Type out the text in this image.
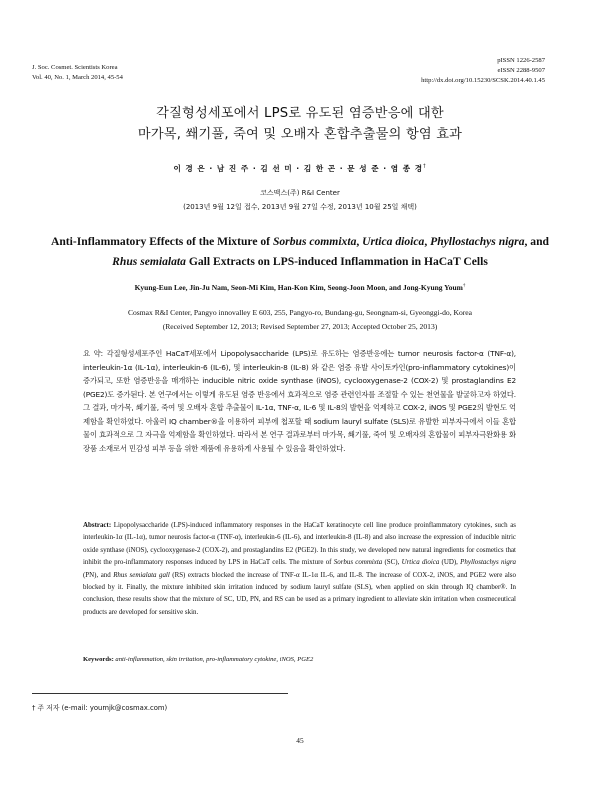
J. Soc. Cosmet. Scientists Korea
Vol. 40, No. 1, March 2014, 45-54
pISSN 1226-2587
eISSN 2288-9507
http://dx.doi.org/10.15230/SCSK.2014.40.1.45
각질형성세포에서 LPS로 유도된 염증반응에 대한
마가목, 쐐기풀, 죽여 및 오배자 혼합추출물의 항염 효과
이 경 은 · 남 진 주 · 김 선 미 · 김 한 곤 · 문 성 준 · 염 종 경†
코스맥스(주) R&I Center
(2013년 9월 12일 접수, 2013년 9월 27일 수정, 2013년 10월 25일 채택)
Anti-Inflammatory Effects of the Mixture of Sorbus commixta, Urtica dioica, Phyllostachys nigra, and Rhus semialata Gall Extracts on LPS-induced Inflammation in HaCaT Cells
Kyung-Eun Lee, Jin-Ju Nam, Seon-Mi Kim, Han-Kon Kim, Seong-Joon Moon, and Jong-Kyung Youm†
Cosmax R&I Center, Pangyo innovalley E 603, 255, Pangyo-ro, Bundang-gu, Seongnam-si, Gyeonggi-do, Korea
(Received September 12, 2013; Revised September 27, 2013; Accepted October 25, 2013)
요 약: 각질형성세포주인 HaCaT세포에서 Lipopolysaccharide (LPS)로 유도하는 염증반응에는 tumor neurosis factor-α (TNF-α), interleukin-1α (IL-1α), interleukin-6 (IL-6), 및 interleukin-8 (IL-8) 와 같은 염증 유발 사이토카인(pro-inflammatory cytokines)이 증가되고, 또한 염증반응을 매개하는 inducible nitric oxide synthase (iNOS), cyclooxygenase-2 (COX-2) 및 prostaglandins E2 (PGE2)도 증가된다. 본 연구에서는 이렇게 유도된 염증 반응에서 효과적으로 염증 관련인자를 조절할 수 있는 천연물을 발굴하고자 하였다. 그 결과, 마가목, 쐐기풀, 죽여 및 오배자 혼합 추출물이 IL-1α, TNF-α, IL-6 및 IL-8의 발현을 억제하고 COX-2, iNOS 및 PGE2의 발현도 억제함을 확인하였다. 아울러 IQ chamber®을 이용하여 피부에 첩포할 때 sodium lauryl sulfate (SLS)로 유발한 피부자극에서 이들 혼합물이 효과적으로 그 자극을 억제함을 확인하였다. 따라서 본 연구 결과로부터 마가목, 쐐기풀, 죽여 및 오배자의 혼합물이 피부자극완화용 화장품 소재로서 민감성 피부 등을 위한 제품에 유용하게 사용될 수 있음을 확인하였다.
Abstract: Lipopolysaccharide (LPS)-induced inflammatory responses in the HaCaT keratinocyte cell line produce proinflammatory cytokines, such as interleukin-1α (IL-1α), tumor neurosis factor-α (TNF-α), interleukin-6 (IL-6), and interleukin-8 (IL-8) and also increase the expression of inducible nitric oxide synthase (iNOS), cyclooxygenase-2 (COX-2), and prostaglandins E2 (PGE2). In this study, we developed new natural ingredients for cosmetics that inhibit the pro-inflammatory responses induced by LPS in HaCaT cells. The mixture of Sorbus commixta (SC), Urtica dioica (UD), Phyllostachys nigra (PN), and Rhus semialata gall (RS) extracts blocked the increase of TNF-α IL-1α IL-6, and IL-8. The increase of COX-2, iNOS, and PGE2 were also blocked by it. Finally, the mixture inhibited skin irritation induced by sodium lauryl sulfate (SLS), when applied on skin through IQ chamber®. In conclusion, these results show that the mixture of SC, UD, PN, and RS can be used as a primary ingredient to alleviate skin irritation when cosmeceutical products are developed for sensitive skin.
Keywords: anti-inflammation, skin irritation, pro-inflammatory cytokine, iNOS, PGE2
† 주 저자 (e-mail: youmjk@cosmax.com)
45
